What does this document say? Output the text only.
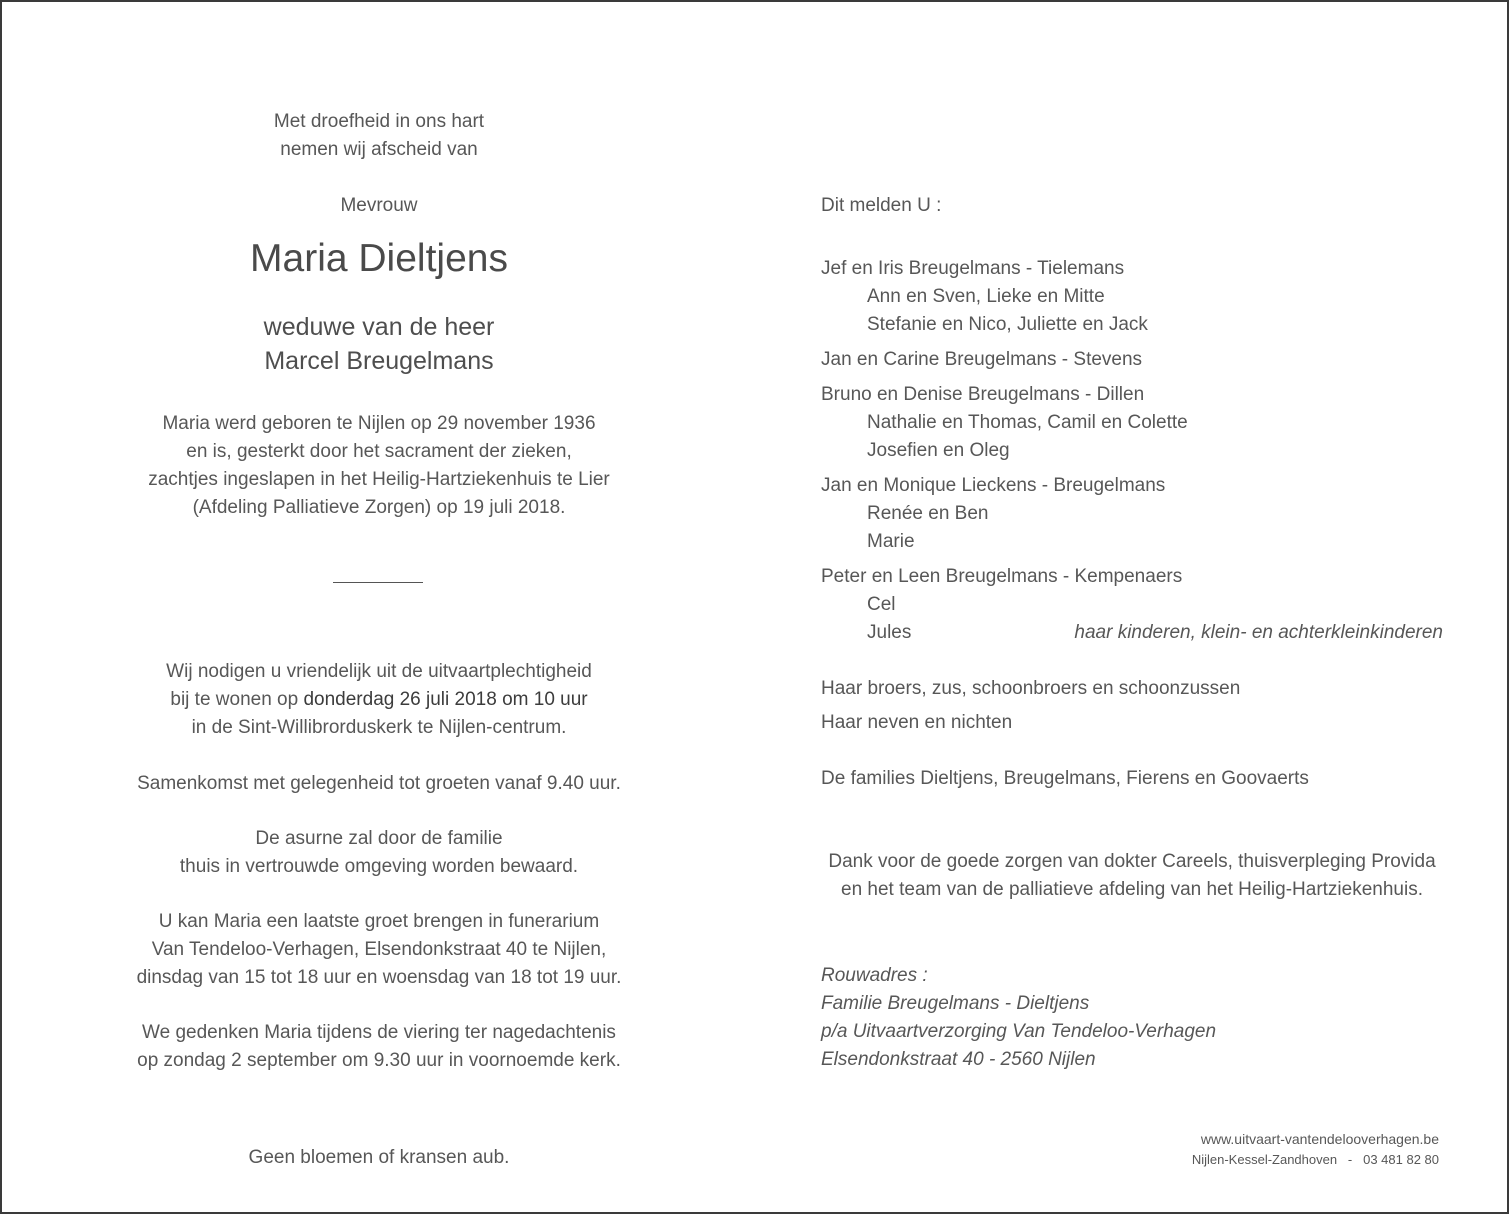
Met droefheid in ons hart

nemen wij afscheid van

Mevrouw
Maria Dieltjens
weduwe van de heer
Marcel Breugelmans

Maria werd geboren te Nijlen op 29 november 1936

en is, gesterkt door het sacrament der zieken,

zachtjes ingeslapen in het Heilig-Hartziekenhuis te Lier

(Afdeling Palliatieve Zorgen) op 19 juli 2018.

Wij nodigen u vriendelijk uit de uitvaartplechtigheid

bij te wonen op donderdag 26 juli 2018 om 10 uur

in de Sint-Willibrorduskerk te Nijlen-centrum.

Samenkomst met gelegenheid tot groeten vanaf 9.40 uur.

De asurne zal door de familie

thuis in vertrouwde omgeving worden bewaard.

U kan Maria een laatste groet brengen in funerarium

Van Tendeloo-Verhagen, Elsendonkstraat 40 te Nijlen,

dinsdag van 15 tot 18 uur en woensdag van 18 tot 19 uur.

We gedenken Maria tijdens de viering ter nagedachtenis

op zondag 2 september om 9.30 uur in voornoemde kerk.

Geen bloemen of kransen aub.
Dit melden U :
Jef en Iris Breugelmans - Tielemans
Ann en Sven, Lieke en Mitte
Stefanie en Nico, Juliette en Jack
Jan en Carine Breugelmans - Stevens
Bruno en Denise Breugelmans - Dillen
Nathalie en Thomas, Camil en Colette
Josefien en Oleg
Jan en Monique Lieckens - Breugelmans
Renée en Ben
Marie
Peter en Leen Breugelmans - Kempenaers
Cel
Jules	haar kinderen, klein- en achterkleinkinderen
Haar broers, zus, schoonbroers en schoonzussen
Haar neven en nichten
De families Dieltjens, Breugelmans, Fierens en Goovaerts
Dank voor de goede zorgen van dokter Careels, thuisverpleging Provida
en het team van de palliatieve afdeling van het Heilig-Hartziekenhuis.
Rouwadres :
Familie Breugelmans - Dieltjens
p/a Uitvaartverzorging Van Tendeloo-Verhagen
Elsendonkstraat 40 - 2560 Nijlen
www.uitvaart-vantendelooverhagen.be
Nijlen-Kessel-Zandhoven   -   03 481 82 80
